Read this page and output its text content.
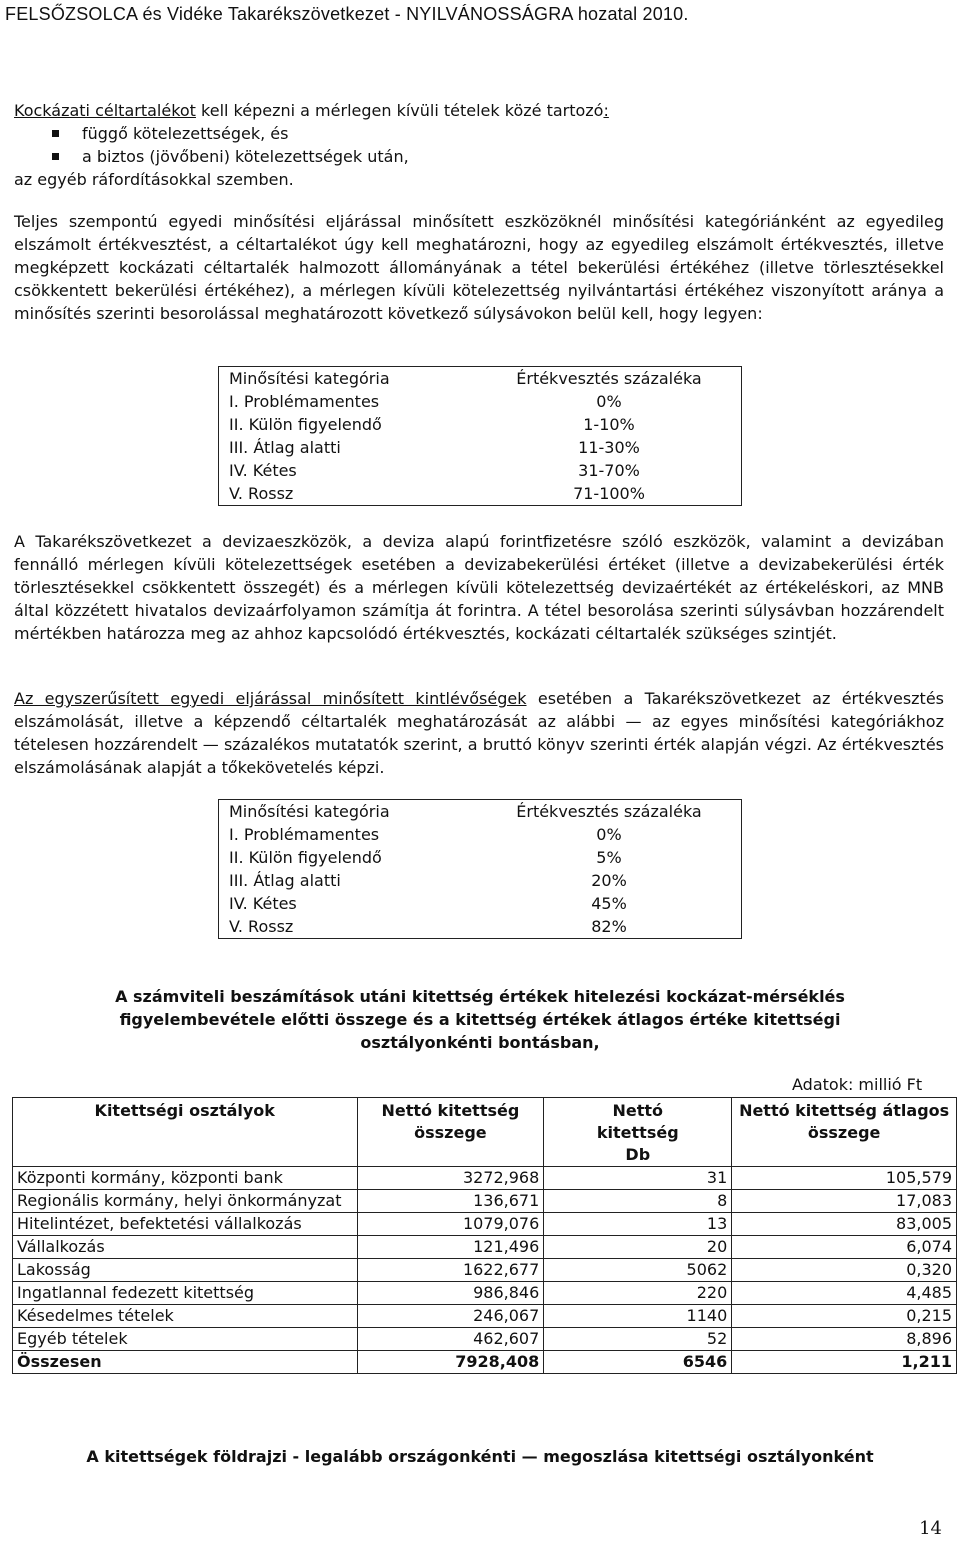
FELSŐZSOLCA és Vidéke Takarékszövetkezet - NYILVÁNOSSÁGRA hozatal 2010.
Kockázati céltartalékot kell képezni a mérlegen kívüli tételek közé tartozó:
függő kötelezettségek, és
a biztos (jövőbeni) kötelezettségek után,
az egyéb ráfordításokkal szemben.
Teljes szempontú egyedi minősítési eljárással minősített eszközöknél minősítési kategóriánként az egyedileg elszámolt értékvesztést, a céltartalékot úgy kell meghatározni, hogy az egyedileg elszámolt értékvesztés, illetve megképzett kockázati céltartalék halmozott állományának a tétel bekerülési értékéhez (illetve törlesztésekkel csökkentett bekerülési értékéhez), a mérlegen kívüli kötelezettség nyilvántartási értékéhez viszonyított aránya a minősítés szerinti besorolással meghatározott következő súlysávokon belül kell, hogy legyen:
Minősítési kategória	Értékvesztés százaléka
I. Problémamentes	0%
II. Külön figyelendő	1-10%
III. Átlag alatti	11-30%
IV. Kétes	31-70%
V. Rossz	71-100%
A Takarékszövetkezet a devizaeszközök, a deviza alapú forintfizetésre szóló eszközök, valamint a devizában fennálló mérlegen kívüli kötelezettségek esetében a devizabekerülési értéket (illetve a devizabekerülési érték törlesztésekkel csökkentett összegét) és a mérlegen kívüli kötelezettség devizaértékét az értékeléskori, az MNB által közzétett hivatalos devizaárfolyamon számítja át forintra. A tétel besorolása szerinti súlysávban hozzárendelt mértékben határozza meg az ahhoz kapcsolódó értékvesztés, kockázati céltartalék szükséges szintjét.
Az egyszerűsített egyedi eljárással minősített kintlévőségek esetében a Takarékszövetkezet az értékvesztés elszámolását, illetve a képzendő céltartalék meghatározását az alábbi — az egyes minősítési kategóriákhoz tételesen hozzárendelt — százalékos mutatatók szerint, a bruttó könyv szerinti érték alapján végzi. Az értékvesztés elszámolásának alapját a tőkekövetelés képzi.
Minősítési kategória	Értékvesztés százaléka
I. Problémamentes	0%
II. Külön figyelendő	5%
III. Átlag alatti	20%
IV. Kétes	45%
V. Rossz	82%
A számviteli beszámítások utáni kitettség értékek hitelezési kockázat-mérséklés
figyelembevétele előtti összege és a kitettség értékek átlagos értéke kitettségi
osztályonkénti bontásban,
Adatok: millió Ft
Kitettségi osztályok	Nettó kitettség összege	Nettó kitettség Db	Nettó kitettség átlagos összege
Központi kormány, központi bank	3272,968	31	105,579
Regionális kormány, helyi önkormányzat	136,671	8	17,083
Hitelintézet, befektetési vállalkozás	1079,076	13	83,005
Vállalkozás	121,496	20	6,074
Lakosság	1622,677	5062	0,320
Ingatlannal fedezett kitettség	986,846	220	4,485
Késedelmes tételek	246,067	1140	0,215
Egyéb tételek	462,607	52	8,896
Összesen	7928,408	6546	1,211
A kitettségek földrajzi - legalább országonkénti — megoszlása kitettségi osztályonként
14
